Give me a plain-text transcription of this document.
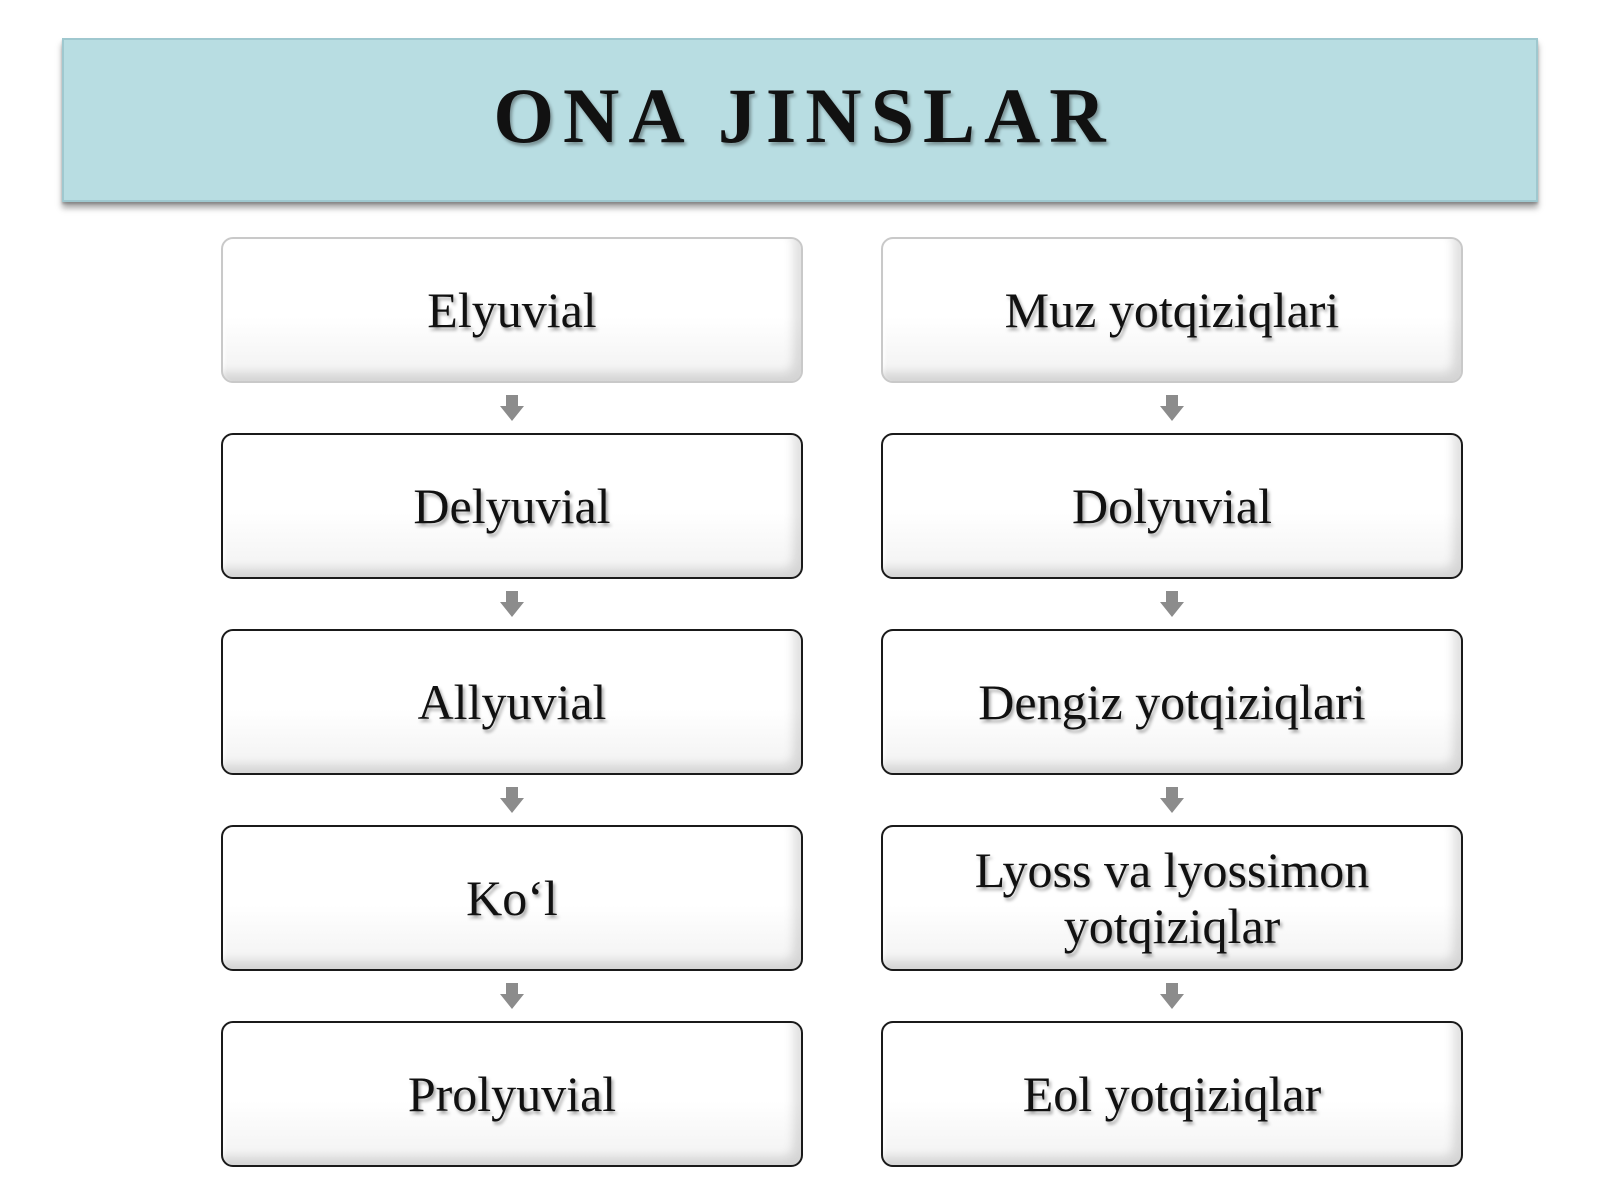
ONA JINSLAR
Elyuvial
Delyuvial
Allyuvial
Ko‘l
Prolyuvial
Muz yotqiziqlari
Dolyuvial
Dengiz yotqiziqlari
Lyoss va lyossimon yotqiziqlar
Eol yotqiziqlar
